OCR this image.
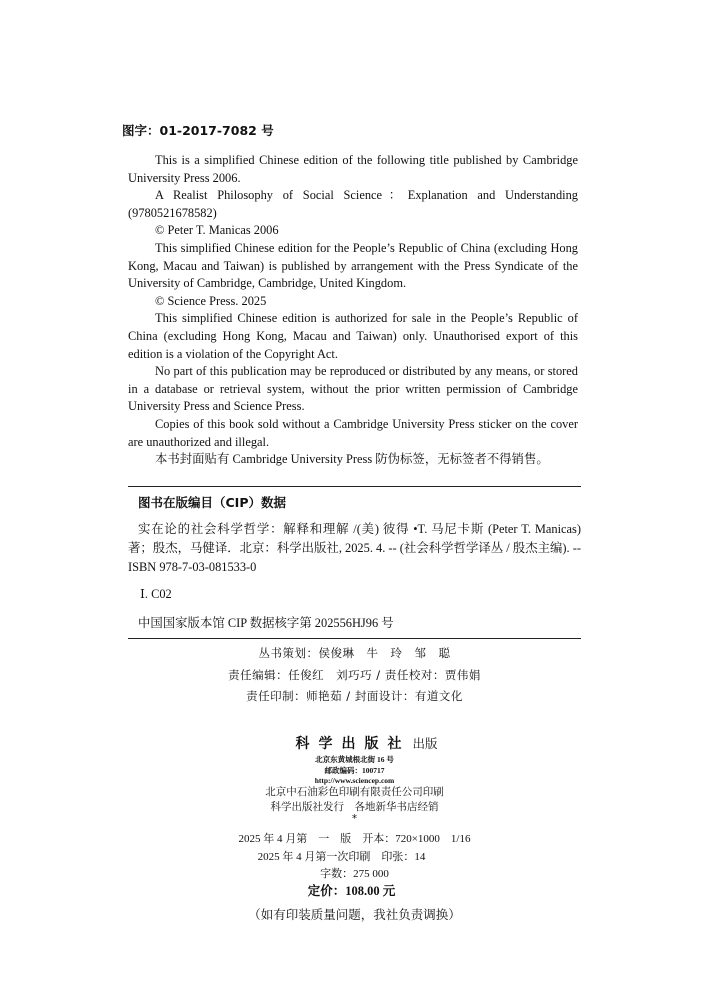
图字：01-2017-7082 号

This is a simplified Chinese edition of the following title published by Cambridge University Press 2006.

A Realist Philosophy of Social Science：Explanation and Understanding (9780521678582)

© Peter T. Manicas 2006

This simplified Chinese edition for the People’s Republic of China (excluding Hong Kong, Macau and Taiwan) is published by arrangement with the Press Syndicate of the University of Cambridge, Cambridge, United Kingdom.

© Science Press. 2025

This simplified Chinese edition is authorized for sale in the People’s Republic of China (excluding Hong Kong, Macau and Taiwan) only. Unauthorised export of this edition is a violation of the Copyright Act.

No part of this publication may be reproduced or distributed by any means, or stored in a database or retrieval system, without the prior written permission of Cambridge University Press and Science Press.

Copies of this book sold without a Cambridge University Press sticker on the cover are unauthorized and illegal.

本书封面贴有 Cambridge University Press 防伪标签，无标签者不得销售。

图书在版编目（CIP）数据
实在论的社会科学哲学：解释和理解 /(美) 彼得 •T. 马尼卡斯 (Peter T. Manicas) 著；殷杰，马健译．北京：科学出版社, 2025. 4. -- (社会科学哲学译丛 / 殷杰主编). -- ISBN 978-7-03-081533-0
Ⅰ. C02
中国国家版本馆 CIP 数据核字第 202556HJ96 号
丛书策划：侯俊琳　牛　玲　邹　聪
责任编辑：任俊红　刘巧巧 / 责任校对：贾伟娟
责任印制：师艳茹 / 封面设计：有道文化
科学出版社 出版
北京东黄城根北街 16 号
邮政编码：100717
http://www.sciencep.com
北京中石油彩色印刷有限责任公司印刷
科学出版社发行　各地新华书店经销
*
2025 年 4 月第　一　版　开本：720×1000　1/16
2025 年 4 月第一次印刷　印张：14
字数：275 000
定价：108.00 元
（如有印装质量问题，我社负责调换）
